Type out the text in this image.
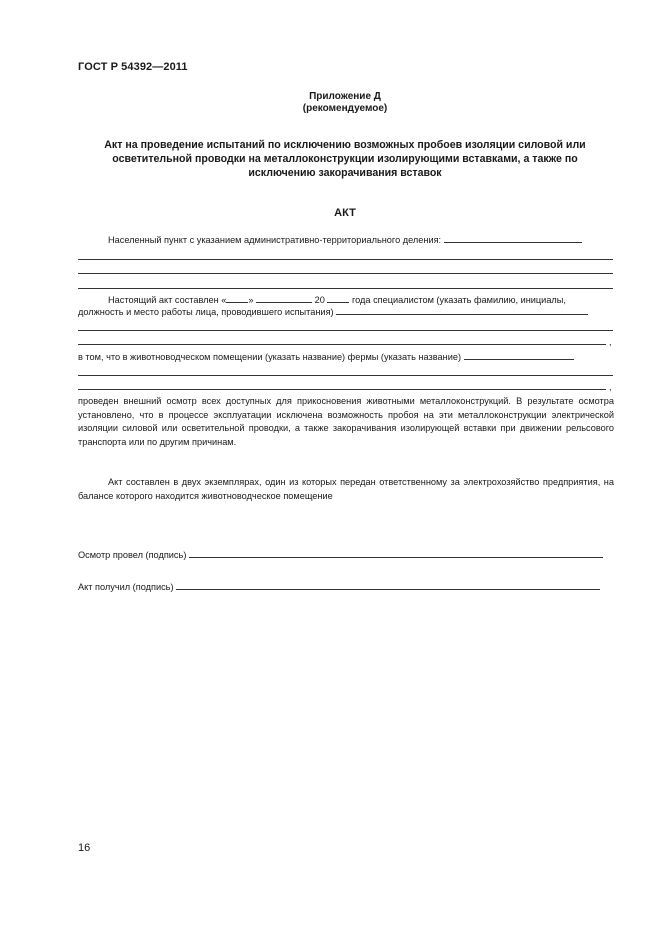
ГОСТ Р 54392—2011
Приложение Д
(рекомендуемое)
Акт на проведение испытаний по исключению возможных пробоев изоляции силовой или
осветительной проводки на металлоконструкции изолирующими вставками, а также по
исключению закорачивания вставок
АКТ
Населенный пункт с указанием административно-территориального деления:
Настоящий акт составлен « »	20	года специалистом (указать фамилию, инициалы,
должность и место работы лица, проводившего испытания)
,
в том, что в животноводческом помещении (указать название) фермы (указать название)
,
проведен внешний осмотр всех доступных для прикосновения животными металлоконструкций. В результате осмотра установлено, что в процессе эксплуатации исключена возможность пробоя на эти металлоконструкции электрической изоляции силовой или осветительной проводки, а также закорачивания изолирующей вставки при движении рельсового транспорта или по другим причинам.
Акт составлен в двух экземплярах, один из которых передан ответственному за электрохозяйство предприятия, на балансе которого находится животноводческое помещение
Осмотр провел (подпись)
Акт получил (подпись)
16
